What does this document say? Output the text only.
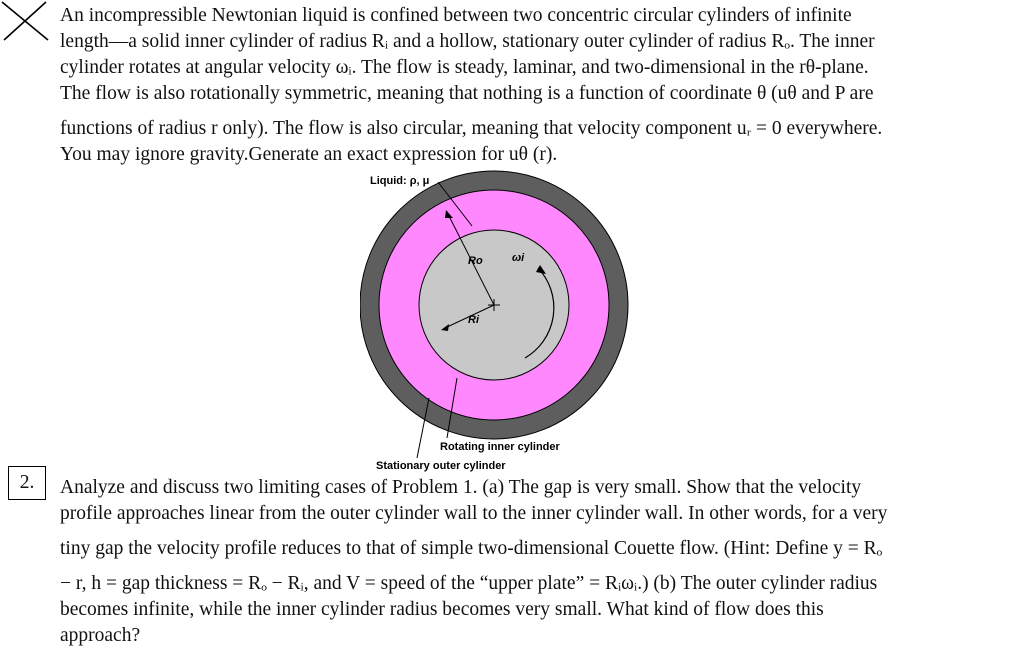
An incompressible Newtonian liquid is confined between two concentric circular cylinders of infinite
length—a solid inner cylinder of radius Rᵢ and a hollow, stationary outer cylinder of radius Rₒ. The inner
cylinder rotates at angular velocity ωᵢ. The flow is steady, laminar, and two-dimensional in the rθ-plane.
The flow is also rotationally symmetric, meaning that nothing is a function of coordinate θ (uθ and P are
functions of radius r only). The flow is also circular, meaning that velocity component uᵣ = 0 everywhere.
You may ignore gravity.Generate an exact expression for uθ (r).
Liquid: ρ, μ
Ro
Ri
ωi
Rotating inner cylinder
Stationary outer cylinder
2.	Analyze and discuss two limiting cases of Problem 1. (a) The gap is very small. Show that the velocity
profile approaches linear from the outer cylinder wall to the inner cylinder wall. In other words, for a very
tiny gap the velocity profile reduces to that of simple two-dimensional Couette flow. (Hint: Define y = Rₒ
− r, h = gap thickness = Rₒ − Rᵢ, and V = speed of the “upper plate” = Rᵢωᵢ.) (b) The outer cylinder radius
becomes infinite, while the inner cylinder radius becomes very small. What kind of flow does this
approach?
